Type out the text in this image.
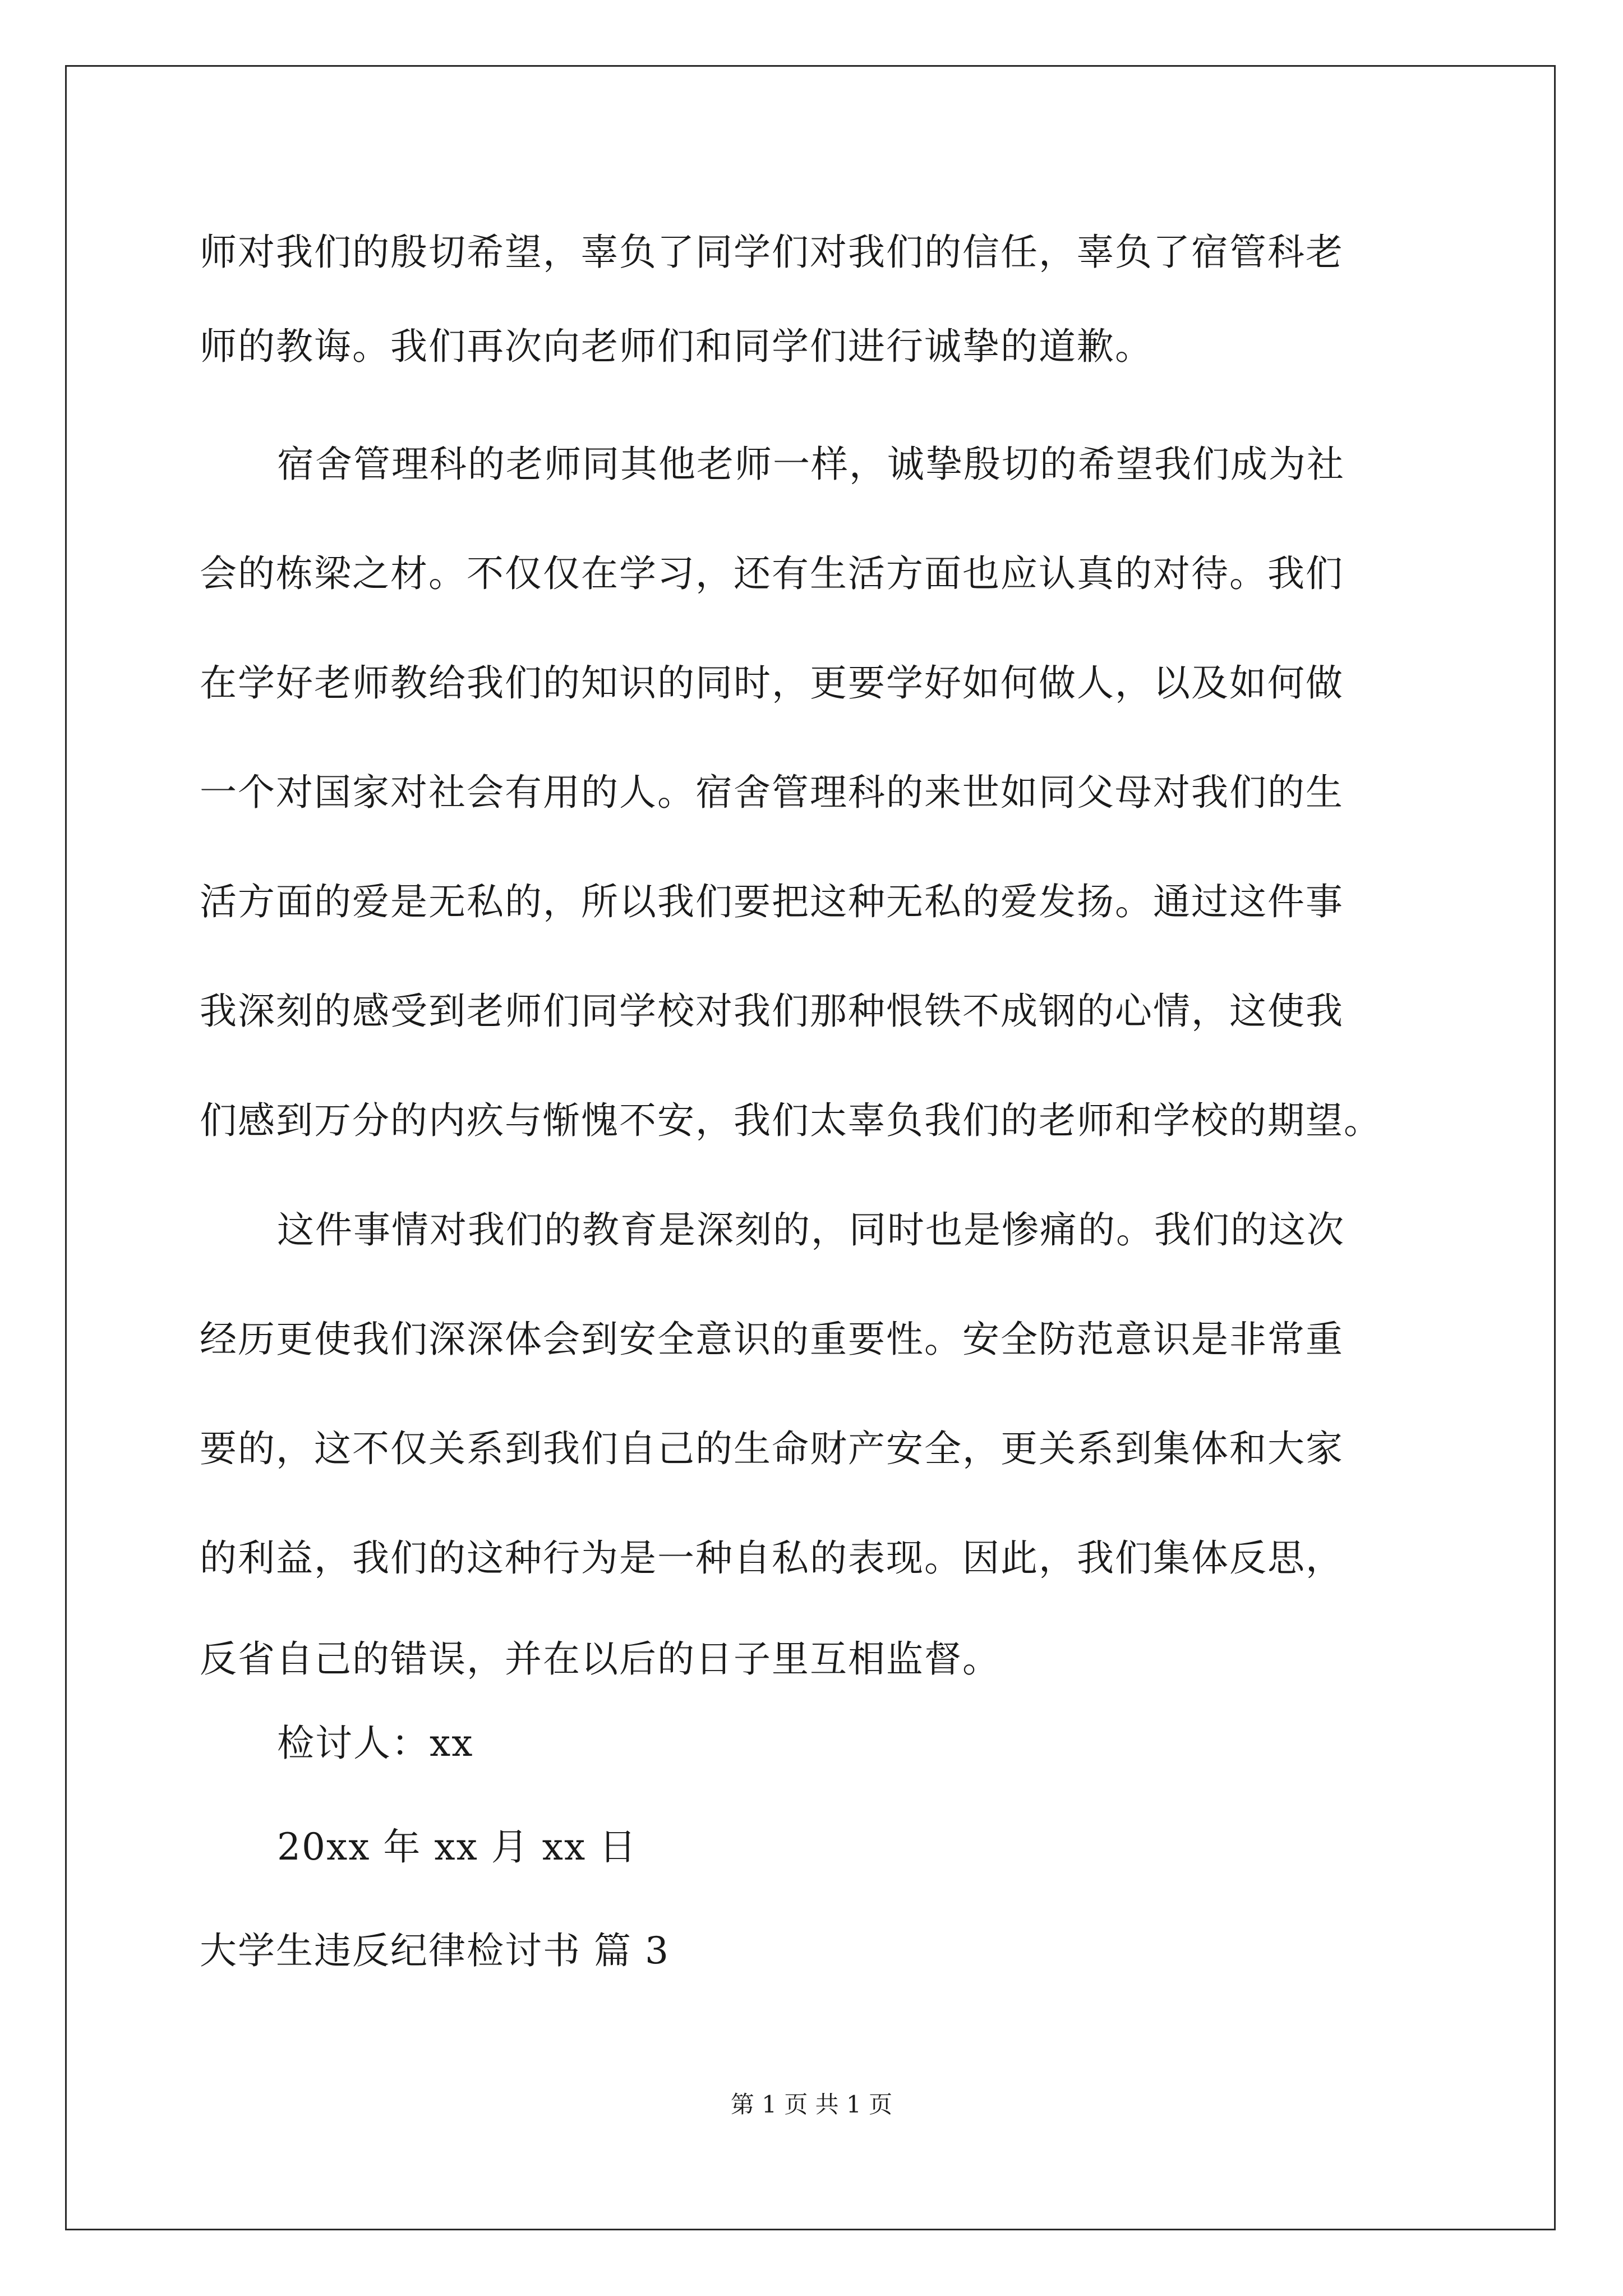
师对我们的殷切希望，辜负了同学们对我们的信任，辜负了宿管科老
师的教诲。我们再次向老师们和同学们进行诚挚的道歉。
宿舍管理科的老师同其他老师一样，诚挚殷切的希望我们成为社
会的栋梁之材。不仅仅在学习，还有生活方面也应认真的对待。我们
在学好老师教给我们的知识的同时，更要学好如何做人，以及如何做
一个对国家对社会有用的人。宿舍管理科的来世如同父母对我们的生
活方面的爱是无私的，所以我们要把这种无私的爱发扬。通过这件事
我深刻的感受到老师们同学校对我们那种恨铁不成钢的心情，这使我
们感到万分的内疚与惭愧不安，我们太辜负我们的老师和学校的期望。
这件事情对我们的教育是深刻的，同时也是惨痛的。我们的这次
经历更使我们深深体会到安全意识的重要性。安全防范意识是非常重
要的，这不仅关系到我们自己的生命财产安全，更关系到集体和大家
的利益，我们的这种行为是一种自私的表现。因此，我们集体反思，
反省自己的错误，并在以后的日子里互相监督。
检讨人：xx
20xx 年 xx 月 xx 日
大学生违反纪律检讨书 篇 3
第 1 页 共 1 页
